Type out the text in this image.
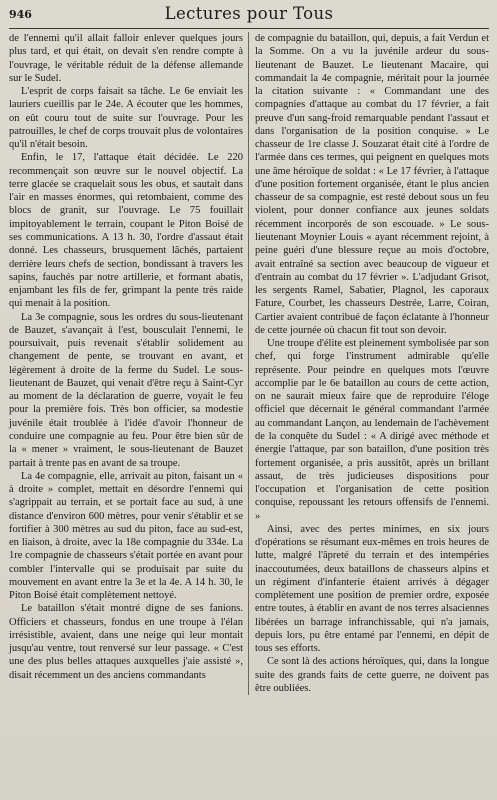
946	Lectures pour Tous

de l'ennemi qu'il allait falloir enlever quelques jours plus tard, et qui était, on devait s'en rendre compte à l'ouvrage, le véritable réduit de la défense allemande sur le Sudel.

L'esprit de corps faisait sa tâche. Le 6e enviait les lauriers cueillis par le 24e. A écouter que les hommes, on eût couru tout de suite sur l'ouvrage. Pour les patrouilles, le chef de corps trouvait plus de volontaires qu'il n'était besoin.

Enfin, le 17, l'attaque était décidée. Le 220 recommençait son œuvre sur le nouvel objectif. La terre glacée se craquelait sous les obus, et sautait dans l'air en masses énormes, qui retombaient, comme des blocs de granit, sur l'ouvrage. Le 75 fouillait impitoyablement le terrain, coupant le Piton Boisé de ses communications. A 13 h. 30, l'ordre d'assaut était donné. Les chasseurs, brusquement lâchés, partaient derrière leurs chefs de section, bondissant à travers les sapins, fauchés par notre artillerie, et formant abatis, enjambant les fils de fer, grimpant la pente très raide qui menait à la position.

La 3e compagnie, sous les ordres du sous-lieutenant de Bauzet, s'avançait à l'est, bousculait l'ennemi, le poursuivait, puis revenait s'établir solidement au changement de pente, se trouvant en avant, et légèrement à droite de la ferme du Sudel. Le sous-lieutenant de Bauzet, qui venait d'être reçu à Saint-Cyr au moment de la déclaration de guerre, voyait le feu pour la première fois. Très bon officier, sa modestie juvénile était troublée à l'idée d'avoir l'honneur de conduire une compagnie au feu. Pour être bien sûr de la « mener » vraiment, le sous-lieutenant de Bauzet partait à trente pas en avant de sa troupe.

La 4e compagnie, elle, arrivait au piton, faisant un « à droite » complet, mettait en désordre l'ennemi qui s'agrippait au terrain, et se portait face au sud, à une distance d'environ 600 mètres, pour venir s'établir et se fortifier à 300 mètres au sud du piton, face au sud-est, en liaison, à droite, avec la 18e compagnie du 334e. La 1re compagnie de chasseurs s'était portée en avant pour combler l'intervalle qui se produisait par suite du mouvement en avant entre la 3e et la 4e. A 14 h. 30, le Piton Boisé était complètement nettoyé.

Le bataillon s'était montré digne de ses fanions. Officiers et chasseurs, fondus en une troupe à l'élan irrésistible, avaient, dans une neige qui leur montait jusqu'au ventre, tout renversé sur leur passage. « C'est une des plus belles attaques auxquelles j'aie assisté », disait récemment un des anciens commandants

de compagnie du bataillon, qui, depuis, a fait Verdun et la Somme. On a vu la juvénile ardeur du sous-lieutenant de Bauzet. Le lieutenant Macaire, qui commandait la 4e compagnie, méritait pour la journée la citation suivante : « Commandant une des compagnies d'attaque au combat du 17 février, a fait preuve d'un sang-froid remarquable pendant l'assaut et dans l'organisation de la position conquise. » Le chasseur de 1re classe J. Souzarat était cité à l'ordre de l'armée dans ces termes, qui peignent en quelques mots une âme héroïque de soldat : « Le 17 février, à l'attaque d'une position fortement organisée, étant le plus ancien chasseur de sa compagnie, est resté debout sous un feu violent, pour donner confiance aux jeunes soldats récemment incorporés de son escouade. » Le sous-lieutenant Moynier Louis « ayant récemment rejoint, à peine guéri d'une blessure reçue au mois d'octobre, avait entraîné sa section avec beaucoup de vigueur et d'entrain au combat du 17 février ». L'adjudant Grisot, les sergents Ramel, Sabatier, Plagnol, les caporaux Fature, Courbet, les chasseurs Destrée, Larre, Coiran, Cartier avaient contribué de façon éclatante à l'honneur de cette journée où chacun fit tout son devoir.

Une troupe d'élite est pleinement symbolisée par son chef, qui forge l'instrument admirable qu'elle représente. Pour peindre en quelques mots l'œuvre accomplie par le 6e bataillon au cours de cette action, on ne saurait mieux faire que de reproduire l'éloge officiel que décernait le général commandant l'armée au commandant Lançon, au lendemain de l'achèvement de la conquête du Sudel : « A dirigé avec méthode et énergie l'attaque, par son bataillon, d'une position très fortement organisée, a pris aussitôt, après un brillant assaut, de très judicieuses dispositions pour l'occupation et l'organisation de cette position conquise, repoussant les retours offensifs de l'ennemi. »

Ainsi, avec des pertes minimes, en six jours d'opérations se résumant eux-mêmes en trois heures de lutte, malgré l'âpreté du terrain et des intempéries inaccoutumées, deux bataillons de chasseurs alpins et un régiment d'infanterie étaient arrivés à dégager complètement une position de premier ordre, exposée entre toutes, à établir en avant de nos terres alsaciennes libérées un barrage infranchissable, qui n'a jamais, depuis lors, pu être entamé par l'ennemi, en dépit de tous ses efforts.

Ce sont là des actions héroïques, qui, dans la longue suite des grands faits de cette guerre, ne doivent pas être oubliées.
